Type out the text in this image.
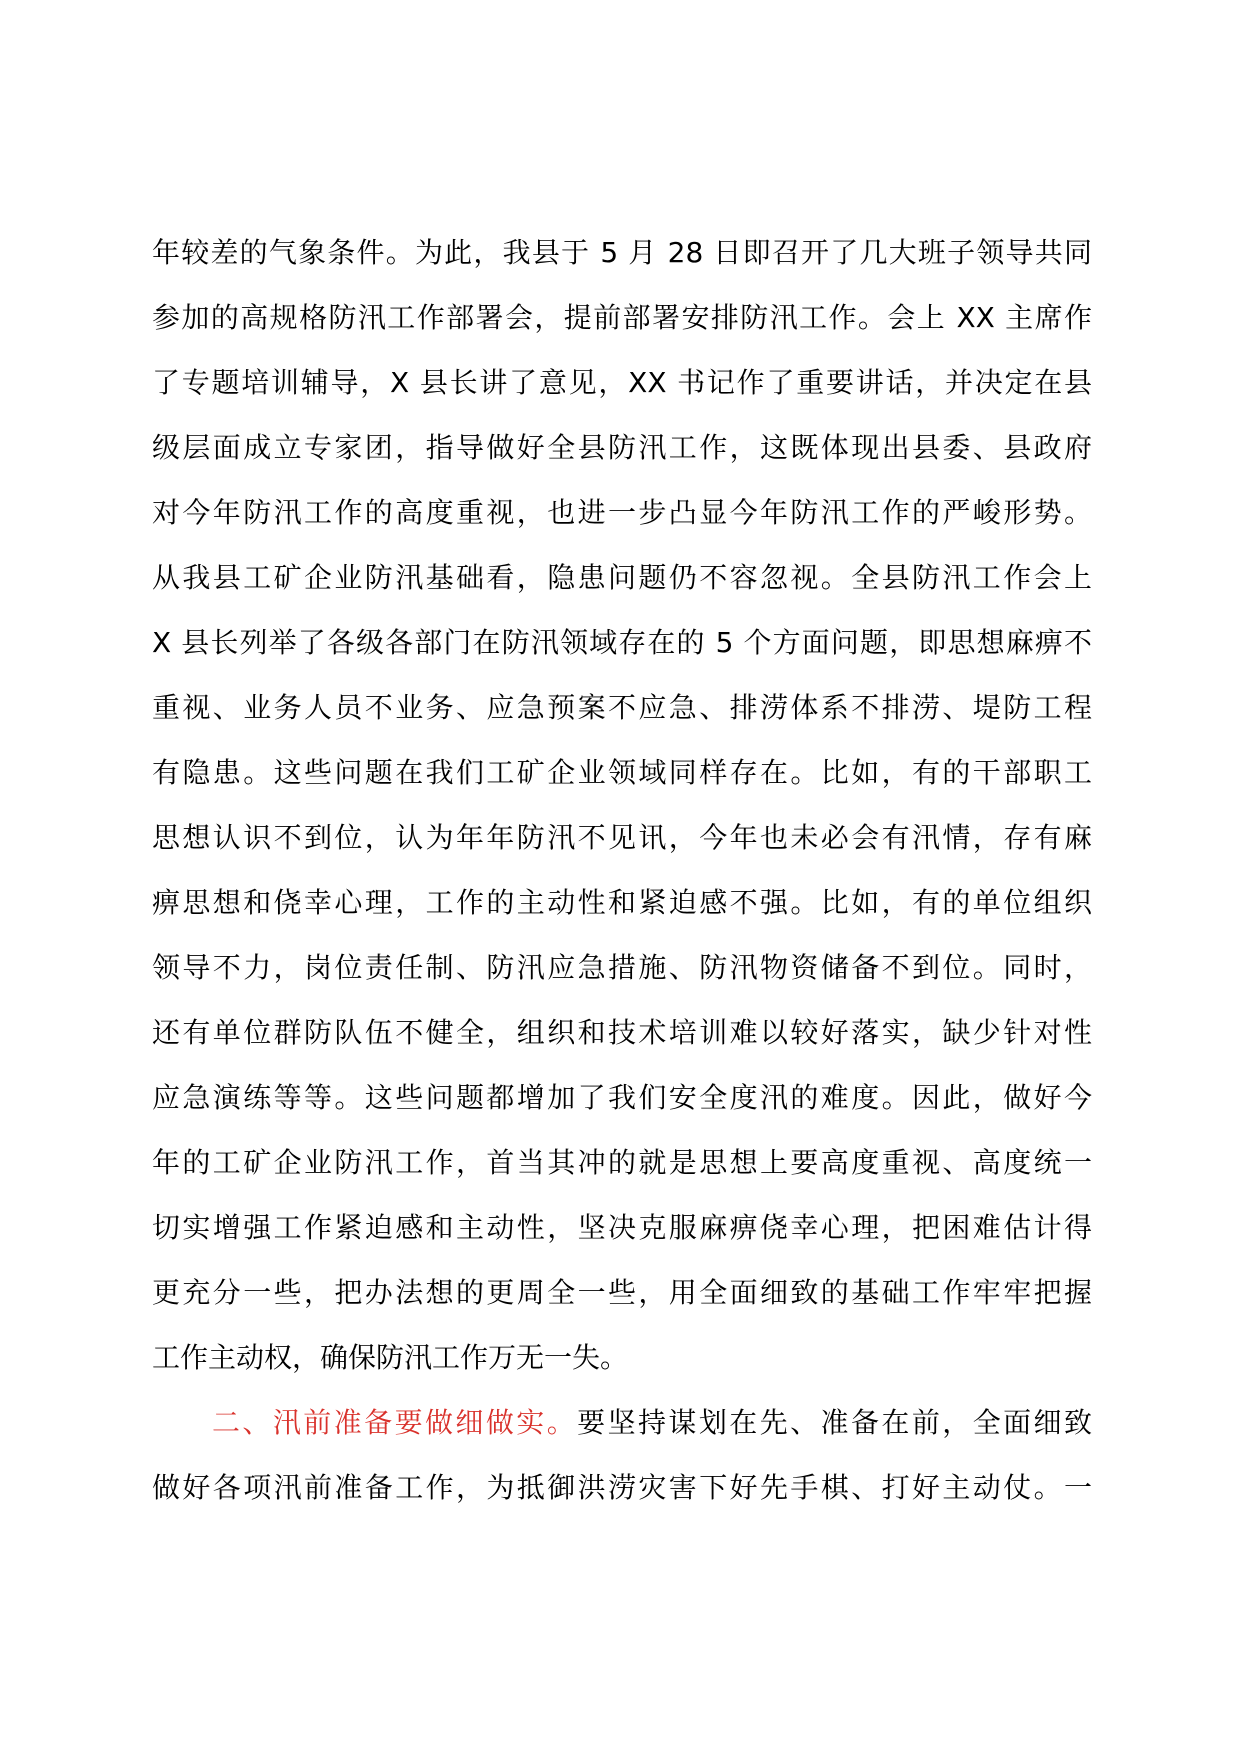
年较差的气象条件。为此，我县于 5 月 28 日即召开了几大班子领导共同
参加的高规格防汛工作部署会，提前部署安排防汛工作。会上 XX 主席作
了专题培训辅导，X 县长讲了意见，XX 书记作了重要讲话，并决定在县
级层面成立专家团，指导做好全县防汛工作，这既体现出县委、县政府
对今年防汛工作的高度重视，也进一步凸显今年防汛工作的严峻形势。
从我县工矿企业防汛基础看，隐患问题仍不容忽视。全县防汛工作会上
X 县长列举了各级各部门在防汛领域存在的 5 个方面问题，即思想麻痹不
重视、业务人员不业务、应急预案不应急、排涝体系不排涝、堤防工程
有隐患。这些问题在我们工矿企业领域同样存在。比如，有的干部职工
思想认识不到位，认为年年防汛不见讯，今年也未必会有汛情，存有麻
痹思想和侥幸心理，工作的主动性和紧迫感不强。比如，有的单位组织
领导不力，岗位责任制、防汛应急措施、防汛物资储备不到位。同时，
还有单位群防队伍不健全，组织和技术培训难以较好落实，缺少针对性
应急演练等等。这些问题都增加了我们安全度汛的难度。因此，做好今
年的工矿企业防汛工作，首当其冲的就是思想上要高度重视、高度统一
切实增强工作紧迫感和主动性，坚决克服麻痹侥幸心理，把困难估计得
更充分一些，把办法想的更周全一些，用全面细致的基础工作牢牢把握
工作主动权，确保防汛工作万无一失。
二、汛前准备要做细做实。要坚持谋划在先、准备在前，全面细致
做好各项汛前准备工作，为抵御洪涝灾害下好先手棋、打好主动仗。一
